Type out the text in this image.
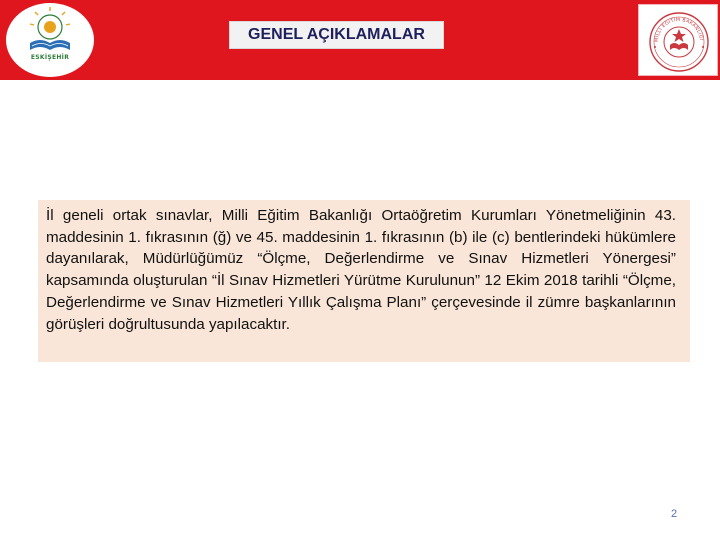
ESKİŞEHİR
GENEL AÇIKLAMALAR	MİLLÎ EĞİTİM BAKANLIĞI
İl geneli ortak sınavlar, Milli Eğitim Bakanlığı Ortaöğretim Kurumları Yönetmeliğinin 43. maddesinin 1. fıkrasının (ğ) ve 45. maddesinin 1. fıkrasının (b) ile (c) bentlerindeki hükümlere dayanılarak, Müdürlüğümüz “Ölçme, Değerlendirme ve Sınav Hizmetleri Yönergesi” kapsamında oluşturulan “İl Sınav Hizmetleri Yürütme Kurulunun” 12 Ekim 2018 tarihli “Ölçme, Değerlendirme ve Sınav Hizmetleri Yıllık Çalışma Planı” çerçevesinde il zümre başkanlarının görüşleri doğrultusunda yapılacaktır.
2
